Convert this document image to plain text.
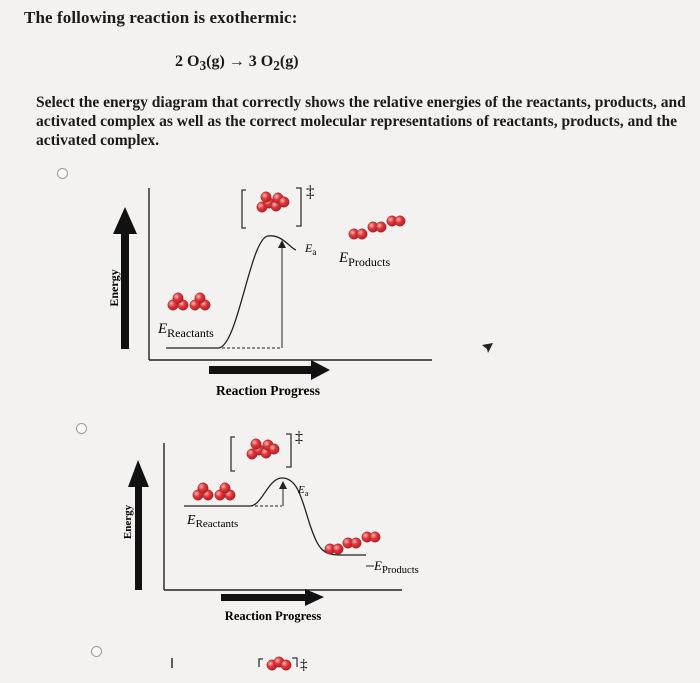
The following reaction is exothermic:
2 $O_3(g) \to 3$ $O_2(g)$
Select the energy diagram that correctly shows the relative energies of the reactants, products, and activated complex as well as the correct molecular representations of reactants, products, and the activated complex.
Energy
Reaction Progress
‡
$E_{Reactants}$
$E_a$ $E_{Products}$
Energy
Reaction Progress
‡
$E_{Reactants}$
$E_a$
$E_{Products}$
‡
